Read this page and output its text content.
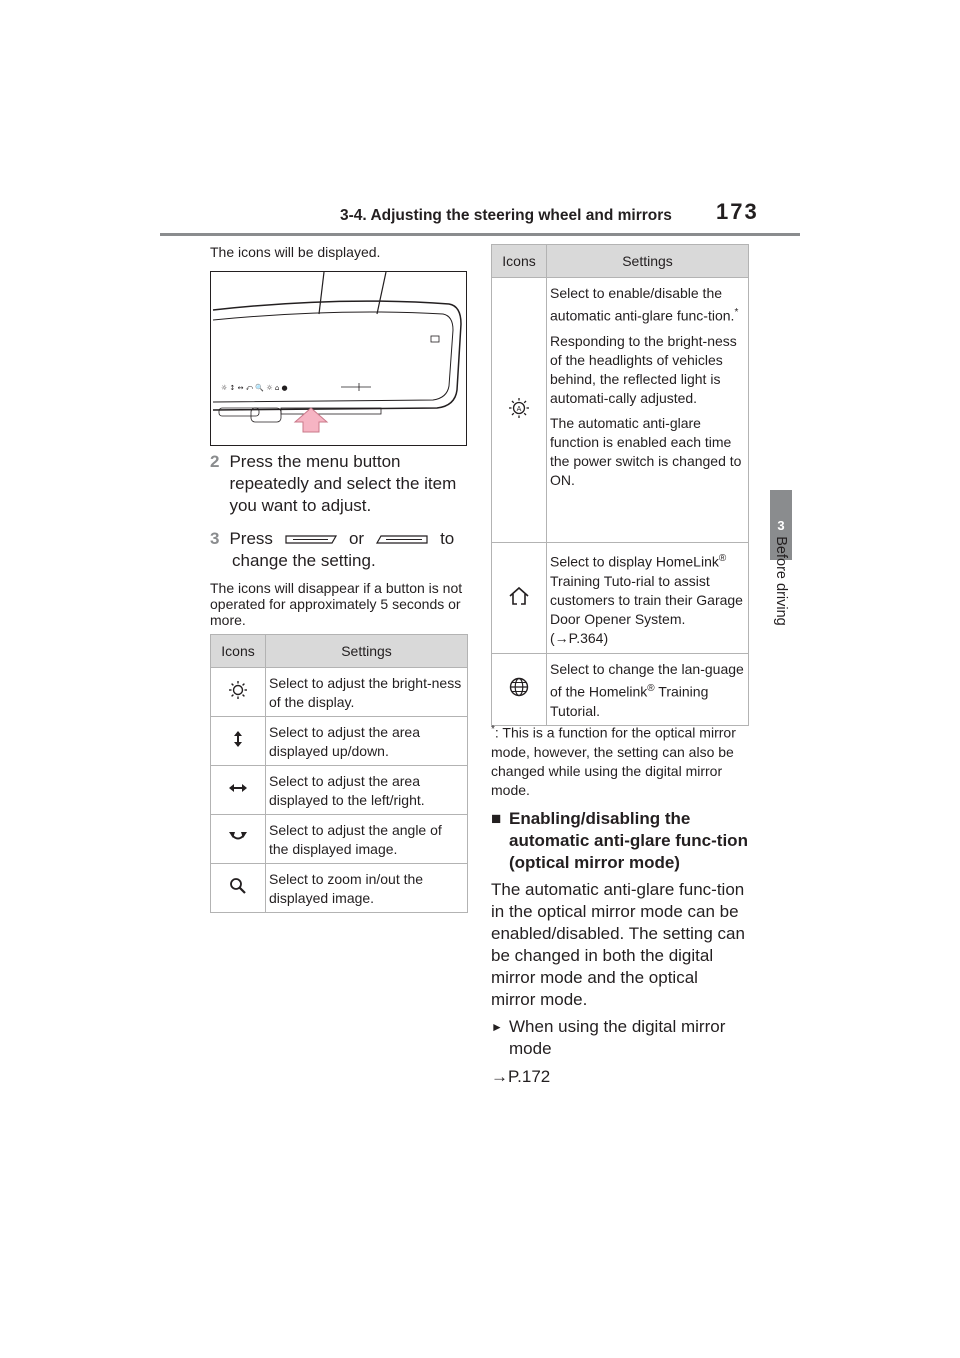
3-4. Adjusting the steering wheel and mirrors 173
3
Before driving
The icons will be displayed.
☼ ↕ ↔ ⤺ 🔍 ☼ ⌂ ●
2 Press the menu button repeatedly and select the item you want to adjust.
3 Press	or	to
change the setting.
The icons will disappear if a button is not operated for approximately 5 seconds or more.
Icons	Settings
	Select to adjust the bright-ness of the display.
	Select to adjust the area displayed up/down.
	Select to adjust the area displayed to the left/right.
	Select to adjust the angle of the displayed image.
	Select to zoom in/out the displayed image.
Icons	Settings

A	Select to enable/disable the automatic anti-glare func-tion.*

Responding to the bright-ness of the headlights of vehicles behind, the reflected light is automati-cally adjusted.

The automatic anti-glare function is enabled each time the power switch is changed to ON.

	Select to display HomeLink® Training Tuto-rial to assist customers to train their Garage Door Opener System. (→P.364)
	Select to change the lan-guage of the Homelink® Training Tutorial.
*: This is a function for the optical mirror mode, however, the setting can also be changed while using the digital mirror mode.
■ Enabling/disabling the automatic anti-glare func-tion (optical mirror mode)
The automatic anti-glare func-tion in the optical mirror mode can be enabled/disabled. The setting can be changed in both the digital mirror mode and the optical mirror mode.
► When using the digital mirror mode
→P.172
